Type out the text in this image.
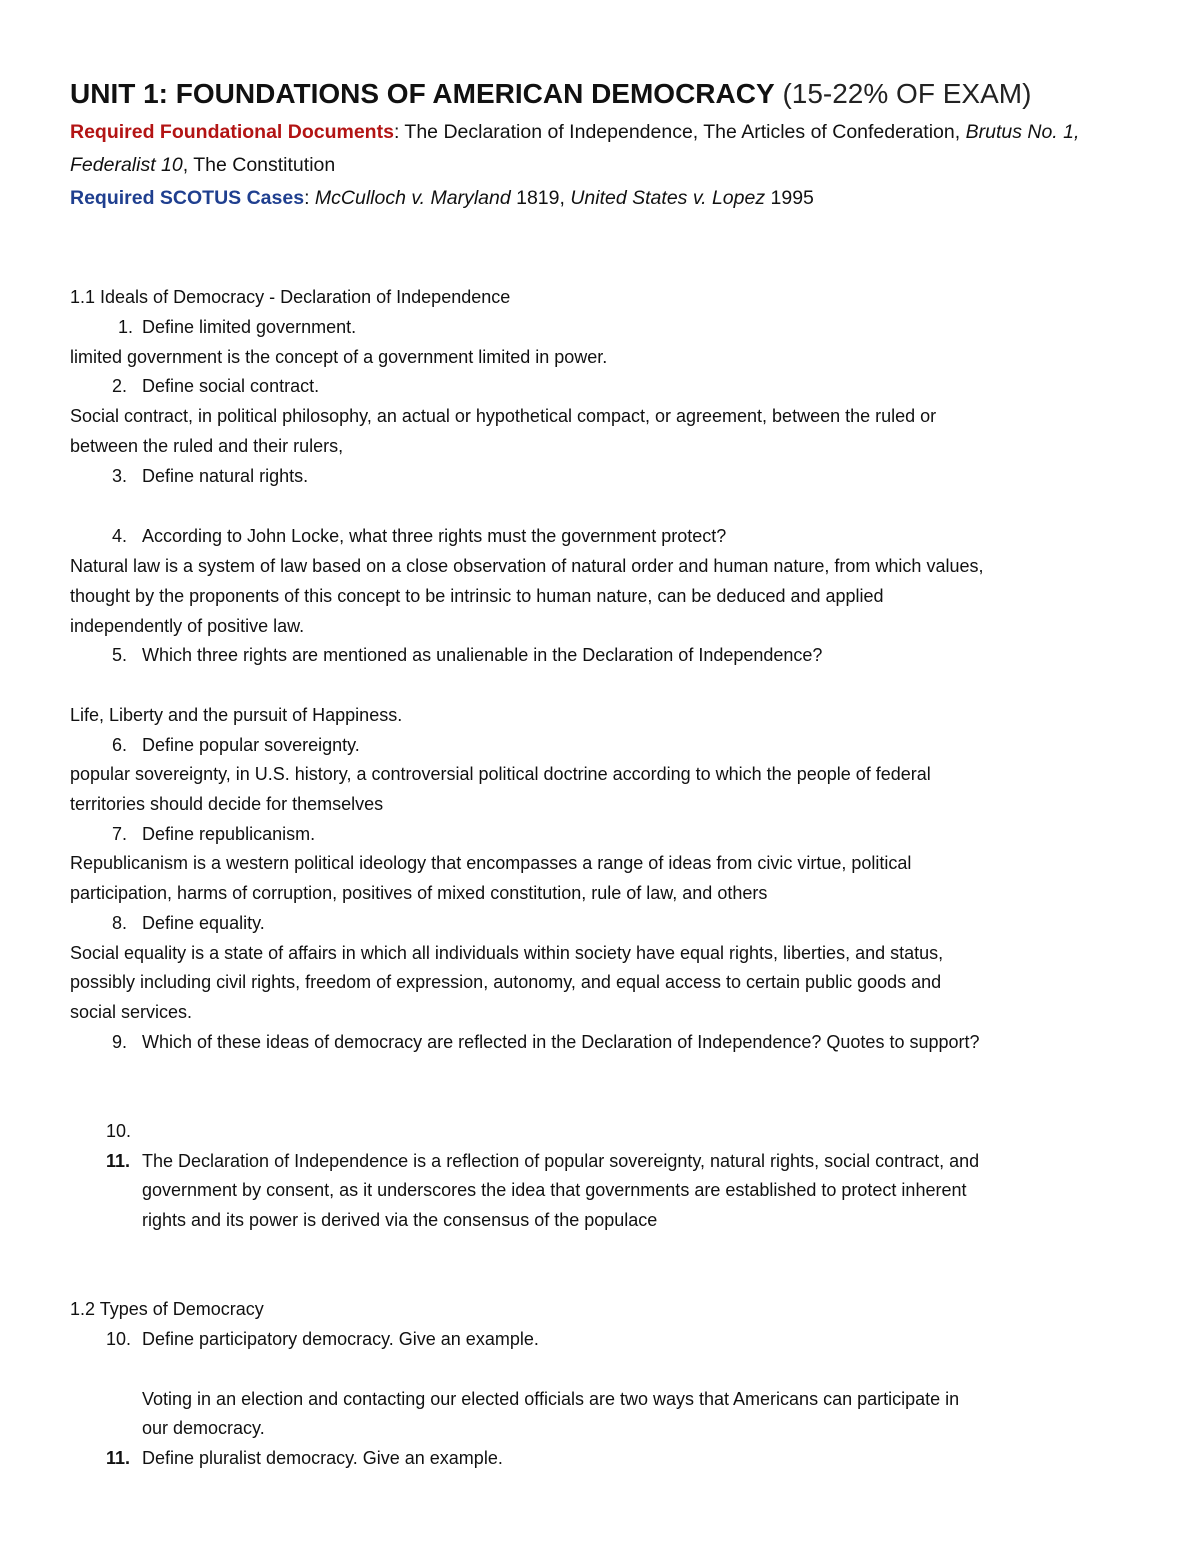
UNIT 1: FOUNDATIONS OF AMERICAN DEMOCRACY (15-22% OF EXAM)
Required Foundational Documents: The Declaration of Independence, The Articles of Confederation, Brutus No. 1, Federalist 10, The Constitution
Required SCOTUS Cases: McCulloch v. Maryland 1819, United States v. Lopez 1995
1.1 Ideals of Democracy - Declaration of Independence
1. Define limited government.
limited government is the concept of a government limited in power.
2. Define social contract.
Social contract, in political philosophy, an actual or hypothetical compact, or agreement, between the ruled or
between the ruled and their rulers,
3. Define natural rights.
4. According to John Locke, what three rights must the government protect?
Natural law is a system of law based on a close observation of natural order and human nature, from which values,
thought by the proponents of this concept to be intrinsic to human nature, can be deduced and applied
independently of positive law.
5. Which three rights are mentioned as unalienable in the Declaration of Independence?
Life, Liberty and the pursuit of Happiness.
6. Define popular sovereignty.
popular sovereignty, in U.S. history, a controversial political doctrine according to which the people of federal
territories should decide for themselves
7. Define republicanism.
Republicanism is a western political ideology that encompasses a range of ideas from civic virtue, political
participation, harms of corruption, positives of mixed constitution, rule of law, and others
8. Define equality.
Social equality is a state of affairs in which all individuals within society have equal rights, liberties, and status,
possibly including civil rights, freedom of expression, autonomy, and equal access to certain public goods and
social services.
9. Which of these ideas of democracy are reflected in the Declaration of Independence? Quotes to support?
10.
11. The Declaration of Independence is a reflection of popular sovereignty, natural rights, social contract, and
government by consent, as it underscores the idea that governments are established to protect inherent
rights and its power is derived via the consensus of the populace
1.2 Types of Democracy
10. Define participatory democracy. Give an example.
Voting in an election and contacting our elected officials are two ways that Americans can participate in
our democracy.
11. Define pluralist democracy. Give an example.
